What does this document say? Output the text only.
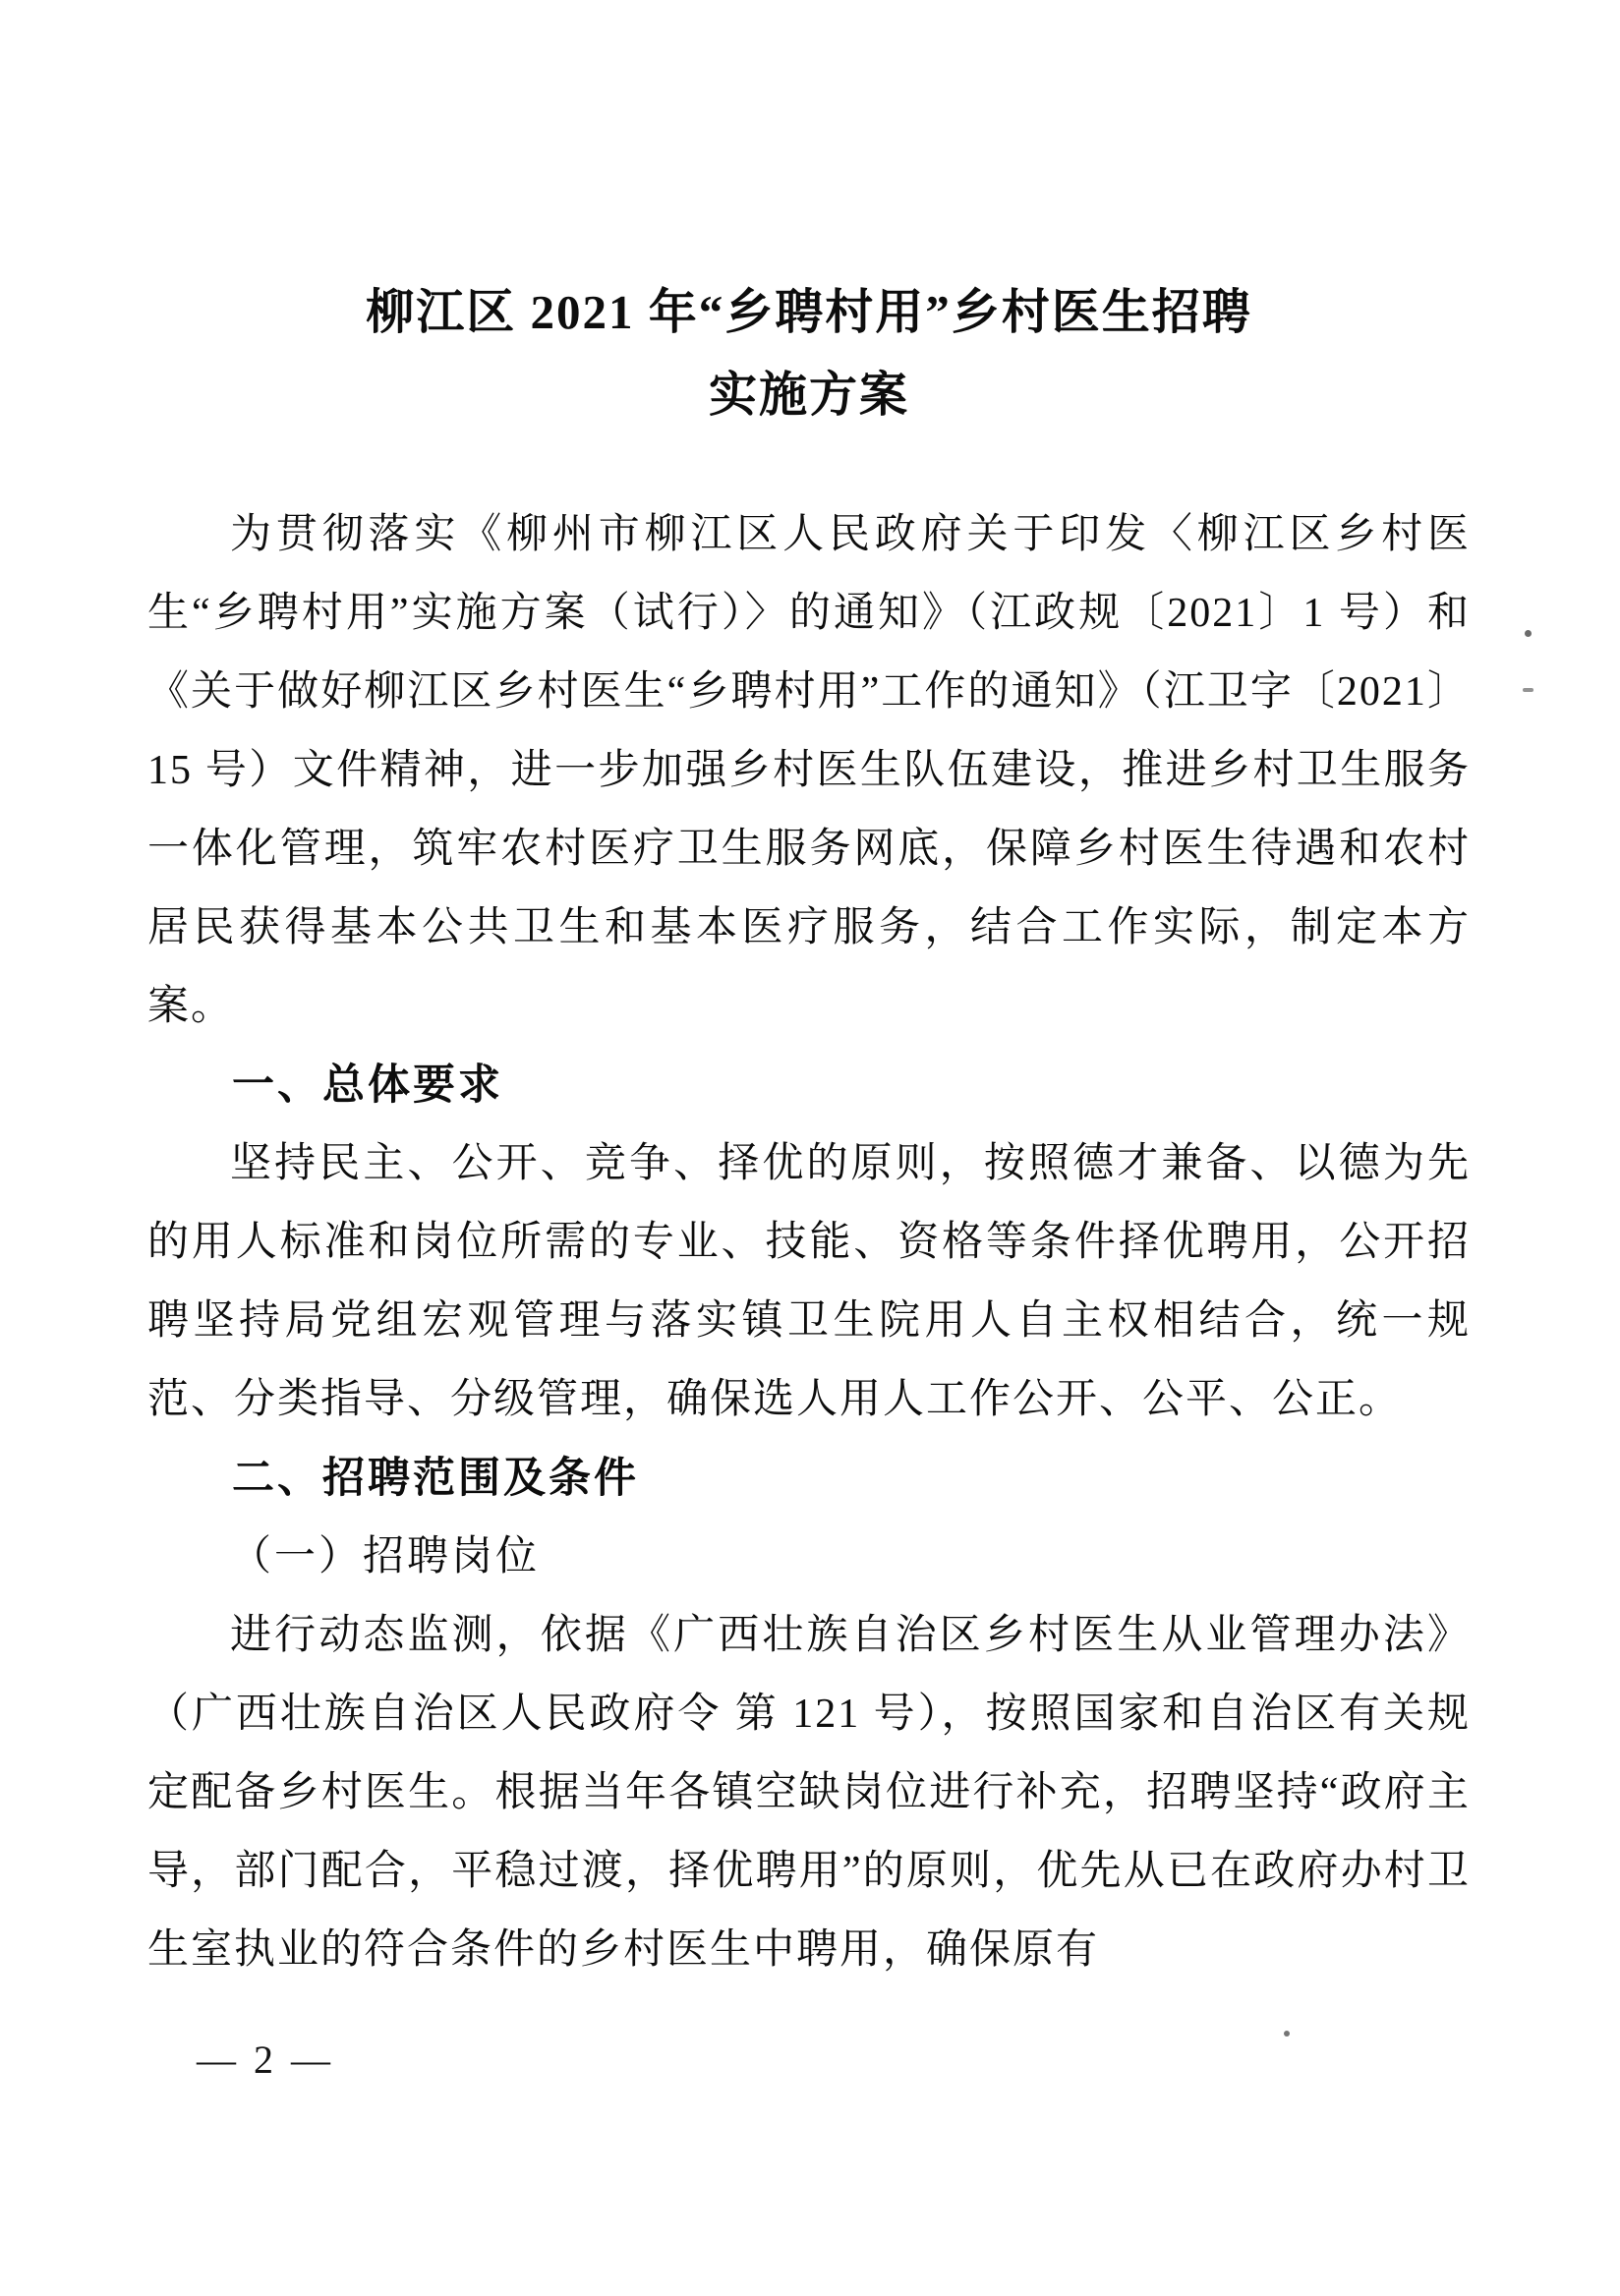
柳江区 2021 年“乡聘村用”乡村医生招聘
实施方案

为贯彻落实《柳州市柳江区人民政府关于印发〈柳江区乡村医生“乡聘村用”实施方案（试行）〉的通知》（江政规〔2021〕1 号）和《关于做好柳江区乡村医生“乡聘村用”工作的通知》（江卫字〔2021〕15 号）文件精神，进一步加强乡村医生队伍建设，推进乡村卫生服务一体化管理，筑牢农村医疗卫生服务网底，保障乡村医生待遇和农村居民获得基本公共卫生和基本医疗服务，结合工作实际，制定本方案。

一、总体要求

坚持民主、公开、竞争、择优的原则，按照德才兼备、以德为先的用人标准和岗位所需的专业、技能、资格等条件择优聘用，公开招聘坚持局党组宏观管理与落实镇卫生院用人自主权相结合，统一规范、分类指导、分级管理，确保选人用人工作公开、公平、公正。

二、招聘范围及条件

（一）招聘岗位

进行动态监测，依据《广西壮族自治区乡村医生从业管理办法》（广西壮族自治区人民政府令 第 121 号），按照国家和自治区有关规定配备乡村医生。根据当年各镇空缺岗位进行补充，招聘坚持“政府主导，部门配合，平稳过渡，择优聘用”的原则，优先从已在政府办村卫生室执业的符合条件的乡村医生中聘用，确保原有

— 2 —
